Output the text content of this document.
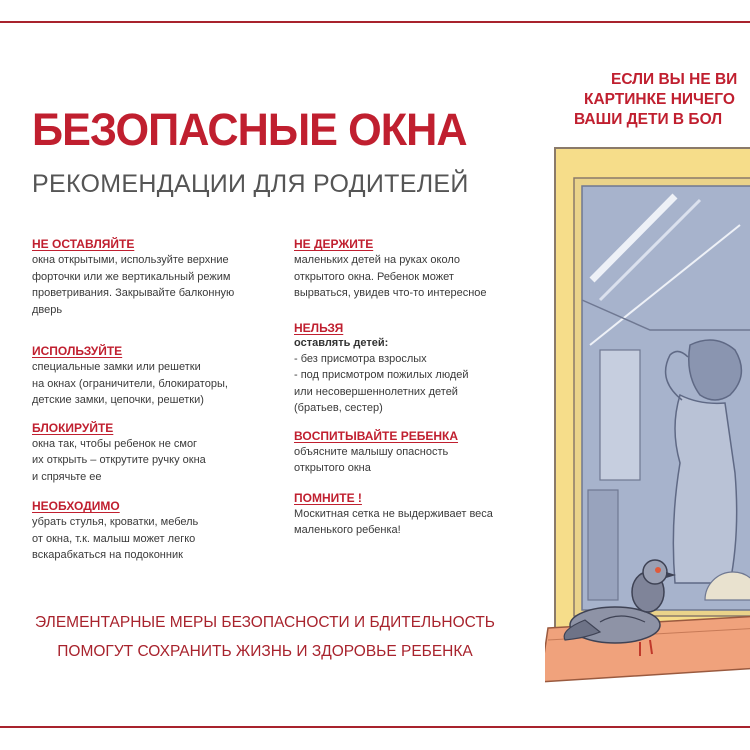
БЕЗОПАСНЫЕ ОКНА
РЕКОМЕНДАЦИИ ДЛЯ РОДИТЕЛЕЙ
НЕ ОСТАВЛЯЙТЕ
окна открытыми, используйте верхние
форточки или же вертикальный режим
проветривания. Закрывайте балконную
дверь
ИСПОЛЬЗУЙТЕ
специальные замки или решетки
на окнах (ограничители, блокираторы,
детские замки, цепочки, решетки)
БЛОКИРУЙТЕ
окна так, чтобы ребенок не смог
их открыть – открутите ручку окна
и спрячьте ее
НЕОБХОДИМО
убрать стулья, кроватки, мебель
от окна, т.к. малыш может легко
вскарабкаться на подоконник
НЕ ДЕРЖИТЕ
маленьких детей на руках около
открытого окна. Ребенок может
вырваться, увидев что-то интересное
НЕЛЬЗЯ
оставлять детей:
- без присмотра взрослых
- под присмотром пожилых людей
или несовершеннолетних детей
(братьев, сестер)
ВОСПИТЫВАЙТЕ РЕБЕНКА
объясните малышу опасность
открытого окна
ПОМНИТЕ !
Москитная сетка не выдерживает веса
маленького ребенка!
ЭЛЕМЕНТАРНЫЕ МЕРЫ БЕЗОПАСНОСТИ И БДИТЕЛЬНОСТЬ
ПОМОГУТ СОХРАНИТЬ ЖИЗНЬ И ЗДОРОВЬЕ РЕБЕНКА
ЕСЛИ ВЫ НЕ ВИ
КАРТИНКЕ НИЧЕГО
ВАШИ ДЕТИ В БОЛ
